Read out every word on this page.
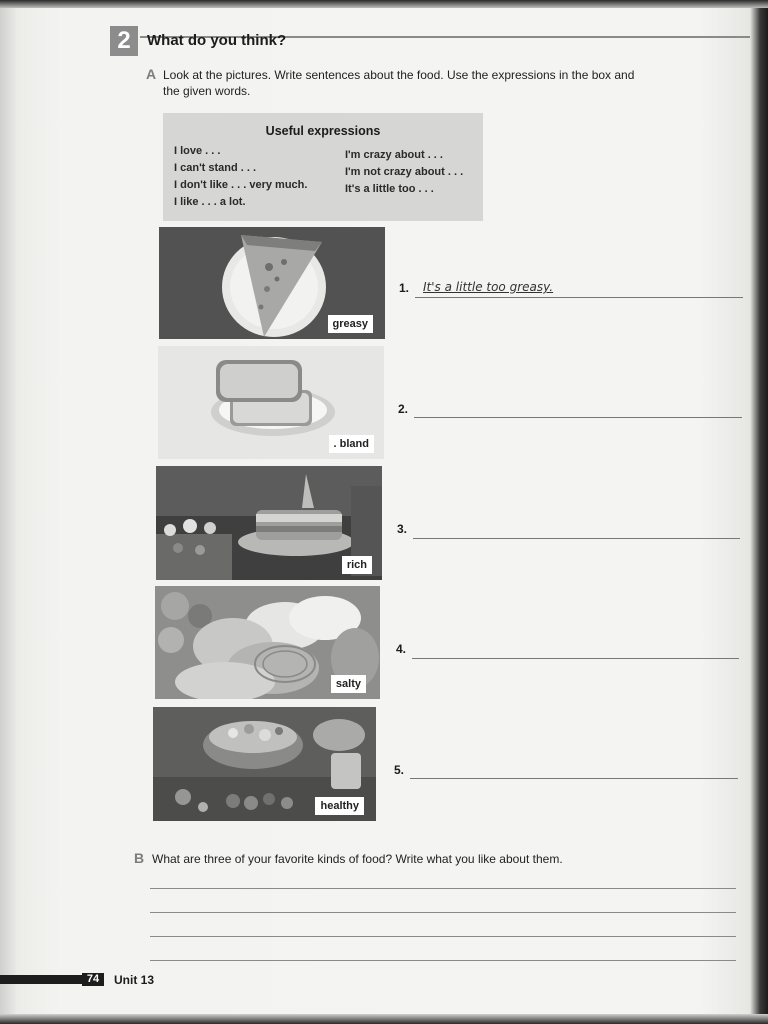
2	What do you think?
A Look at the pictures. Write sentences about the food. Use the expressions in the box and
the given words.
Useful expressions
I love . . .
I can't stand . . .
I don't like . . . very much.
I like . . . a lot.
I'm crazy about . . .
I'm not crazy about . . .
It's a little too . . .
greasy
. bland
rich
salty
healthy
1. It's a little too greasy.
2.
3.
4.
5.
B What are three of your favorite kinds of food? Write what you like about them.
74	Unit 13
